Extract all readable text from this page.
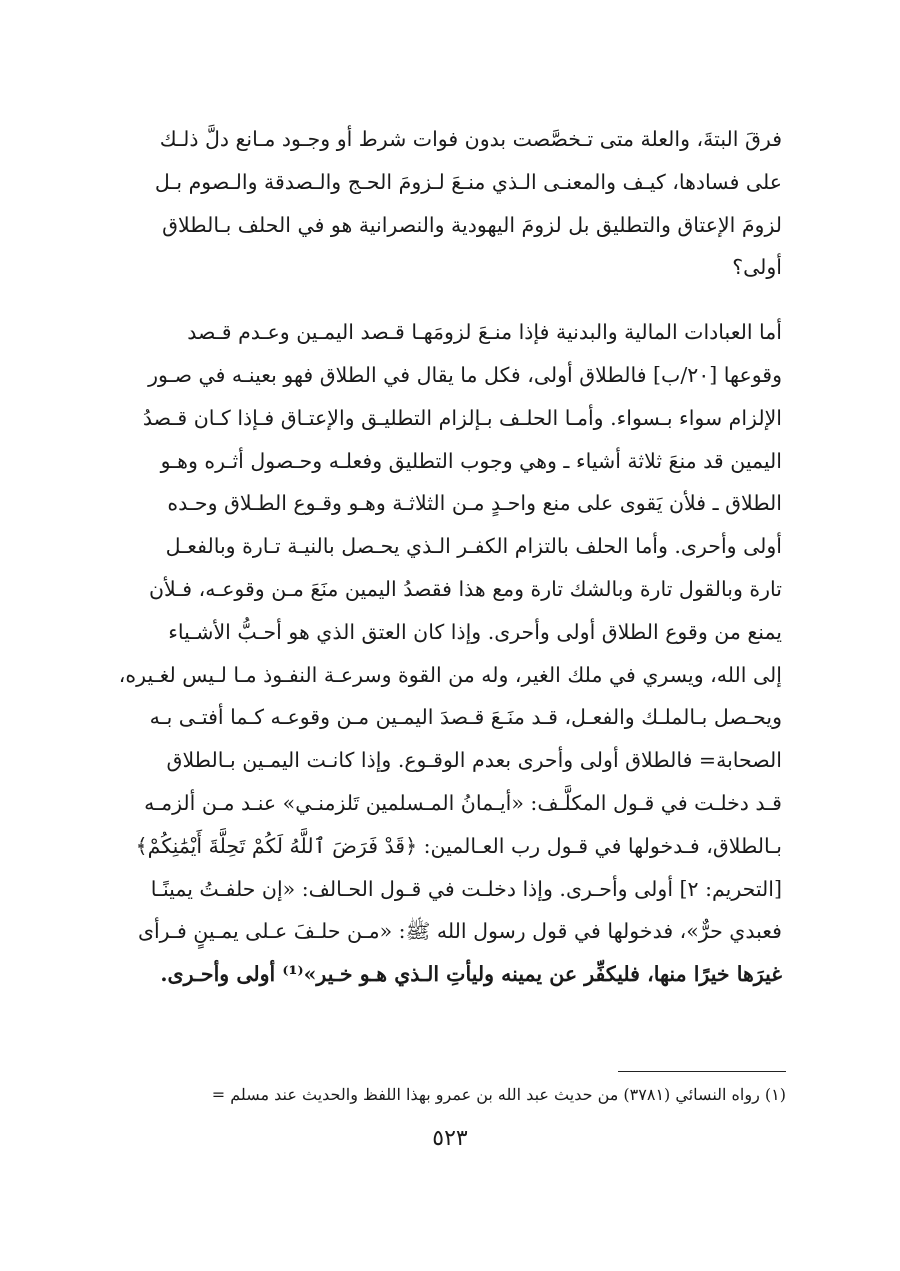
فرقَ البتةَ، والعلة متى تـخصَّصت بدون فوات شرط أو وجـود مـانع دلَّ ذلـك
على فسادها، كيـف والمعنـى الـذي منـعَ لـزومَ الحـج والـصدقة والـصوم بـل
لزومَ الإعتاق والتطليق بل لزومَ اليهودية والنصرانية هو في الحلف بـالطلاق
أولى؟

أما العبادات المالية والبدنية فإذا منـعَ لزومَهـا قـصد اليمـين وعـدم قـصد
وقوعها [٢٠/ب] فالطلاق أولى، فكل ما يقال في الطلاق فهو بعينـه في صـور
الإلزام سواء بـسواء. وأمـا الحلـف بـإلزام التطليـق والإعتـاق فـإذا كـان قـصدُ
اليمين قد منعَ ثلاثة أشياء ـ وهي وجوب التطليق وفعلـه وحـصول أثـره وهـو
الطلاق ـ فلأن يَقوى على منع واحـدٍ مـن الثلاثـة وهـو وقـوع الطـلاق وحـده
أولى وأحرى. وأما الحلف بالتزام الكفـر الـذي يحـصل بالنيـة تـارة وبالفعـل
تارة وبالقول تارة وبالشك تارة ومع هذا فقصدُ اليمين منَعَ مـن وقوعـه، فـلأن
يمنع من وقوع الطلاق أولى وأحرى. وإذا كان العتق الذي هو أحـبُّ الأشـياء
إلى الله، ويسري في ملك الغير، وله من القوة وسرعـة النفـوذ مـا لـيس لغـيره،
ويحـصل بـالملـك والفعـل، قـد منَـعَ قـصدَ اليمـين مـن وقوعـه كـما أفتـى بـه
الصحابة= فالطلاق أولى وأحرى بعدم الوقـوع. وإذا كانـت اليمـين بـالطلاق
قـد دخلـت في قـول المكلَّـف: «أيـمانُ المـسلمين تَلزمنـي» عنـد مـن ألزمـه
بـالطلاق، فـدخولها في قـول رب العـالمين: ﴿قَدْ فَرَضَ ٱللَّهُ لَكُمْ تَحِلَّةَ أَيْمَٰنِكُمْ﴾
[التحريم: ٢] أولى وأحـرى. وإذا دخلـت في قـول الحـالف: «إن حلفـتُ يمينًـا
فعبدي حرٌّ»، فدخولها في قول رسول الله ﷺ: «مـن حلـفَ عـلى يمـينٍ فـرأى
غيرَها خيرًا منها، فليكفِّر عن يمينه وليأتِ الـذي هـو خـير»⁽¹⁾ أولى وأحـرى.

(١) رواه النسائي (٣٧٨١) من حديث عبد الله بن عمرو بهذا اللفظ والحديث عند مسلم =
٥٢٣
